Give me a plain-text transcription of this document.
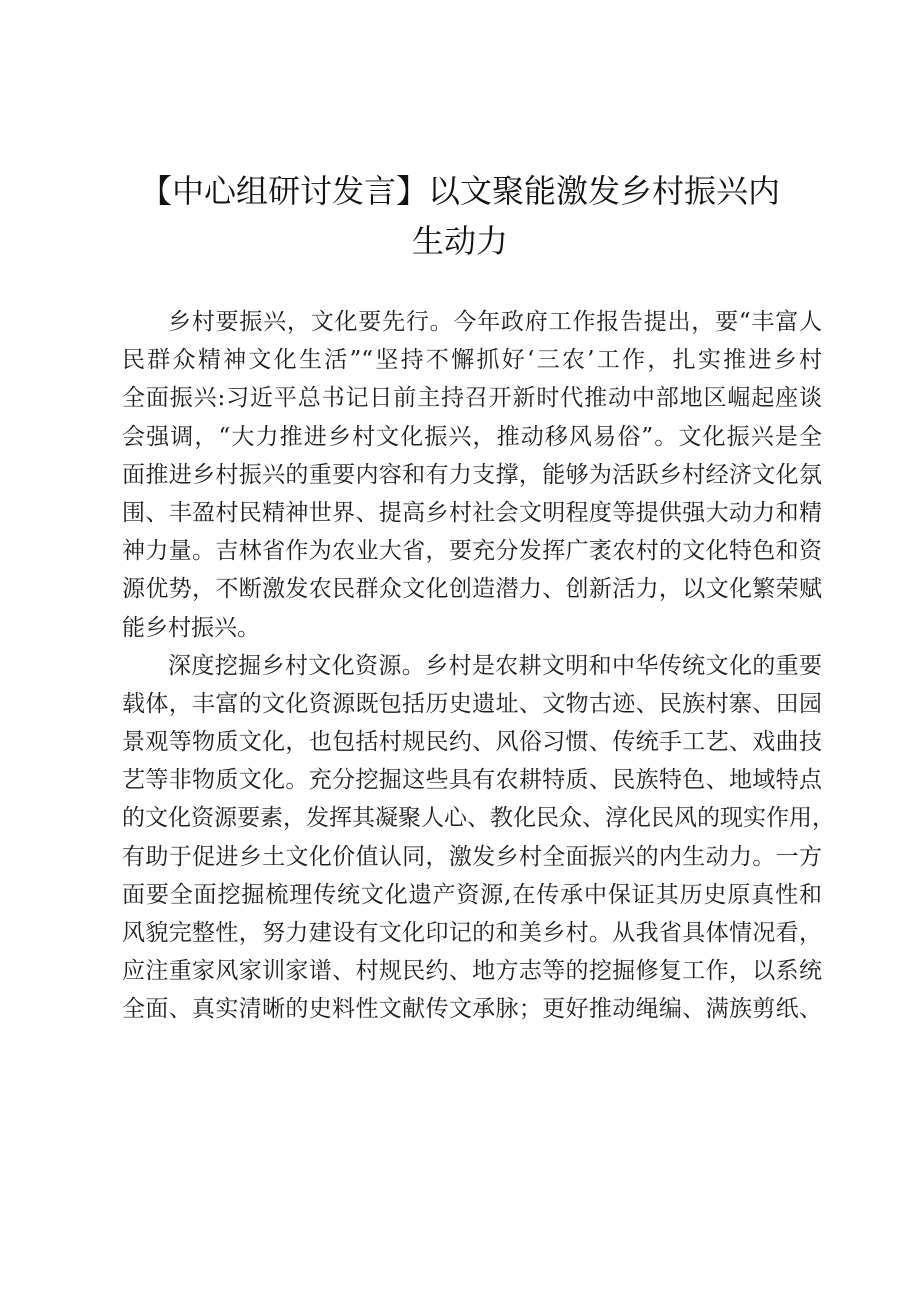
【中心组研讨发言】以文聚能激发乡村振兴内
生动力
乡村要振兴，文化要先行。今年政府工作报告提出，要“丰富人
民群众精神文化生活”“坚持不懈抓好‘三农’工作，扎实推进乡村
全面振兴:习近平总书记日前主持召开新时代推动中部地区崛起座谈
会强调，“大力推进乡村文化振兴，推动移风易俗”。文化振兴是全
面推进乡村振兴的重要内容和有力支撑，能够为活跃乡村经济文化氛
围、丰盈村民精神世界、提高乡村社会文明程度等提供强大动力和精
神力量。吉林省作为农业大省，要充分发挥广袤农村的文化特色和资
源优势，不断激发农民群众文化创造潜力、创新活力，以文化繁荣赋
能乡村振兴。
深度挖掘乡村文化资源。乡村是农耕文明和中华传统文化的重要
载体，丰富的文化资源既包括历史遗址、文物古迹、民族村寨、田园
景观等物质文化，也包括村规民约、风俗习惯、传统手工艺、戏曲技
艺等非物质文化。充分挖掘这些具有农耕特质、民族特色、地域特点
的文化资源要素，发挥其凝聚人心、教化民众、淳化民风的现实作用，
有助于促进乡土文化价值认同，激发乡村全面振兴的内生动力。一方
面要全面挖掘梳理传统文化遗产资源,在传承中保证其历史原真性和
风貌完整性，努力建设有文化印记的和美乡村。从我省具体情况看，
应注重家风家训家谱、村规民约、地方志等的挖掘修复工作，以系统
全面、真实清晰的史料性文献传文承脉；更好推动绳编、满族剪纸、
